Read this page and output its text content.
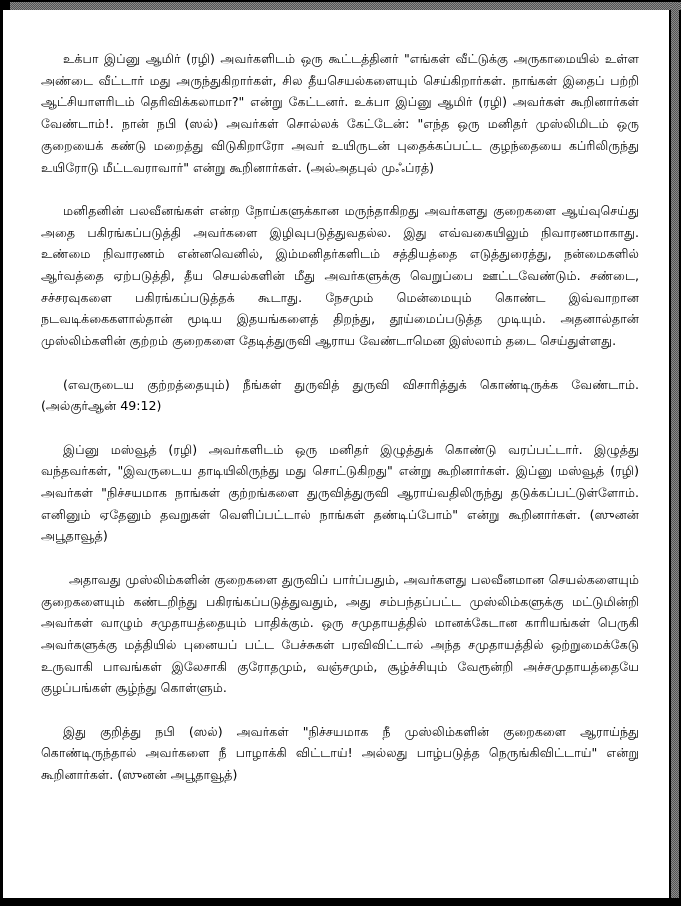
உக்பா இப்னு ஆமிர் (ரழி) அவர்களிடம் ஒரு கூட்டத்தினர் "எங்கள் வீட்டுக்கு அருகாமையில் உள்ள அண்டை வீட்டார் மது அருந்துகிறார்கள், சில தீயசெயல்களையும் செய்கிறார்கள். நாங்கள் இதைப் பற்றி ஆட்சியாளரிடம் தெரிவிக்கலாமா?" என்று கேட்டனர். உக்பா இப்னு ஆமிர் (ரழி) அவர்கள் கூறினார்கள் வேண்டாம்!. நான் நபி (ஸல்) அவர்கள் சொல்லக் கேட்டேன்: "எந்த ஒரு மனிதர் முஸ்லிமிடம் ஒரு குறையைக் கண்டு மறைத்து விடுகிறாரோ அவர் உயிருடன் புதைக்கப்பட்ட குழந்தையை கப்ரிலிருந்து உயிரோடு மீட்டவராவார்" என்று கூறினார்கள். (அல்அதபுல் முஃப்ரத்)

மனிதனின் பலவீனங்கள் என்ற நோய்களுக்கான மருந்தாகிறது அவர்களது குறைகளை ஆய்வுசெய்து அதை பகிரங்கப்படுத்தி அவர்களை இழிவுபடுத்துவதல்ல. இது எவ்வகையிலும் நிவாரணமாகாது. உண்மை நிவாரணம் என்னவெனில், இம்மனிதர்களிடம் சத்தியத்தை எடுத்துரைத்து, நன்மைகளில் ஆர்வத்தை ஏற்படுத்தி, தீய செயல்களின் மீது அவர்களுக்கு வெறுப்பை ஊட்டவேண்டும். சண்டை, சச்சரவுகளை பகிரங்கப்படுத்தக் கூடாது. நேசமும் மென்மையும் கொண்ட இவ்வாறான நடவடிக்கைகளால்தான் மூடிய இதயங்களைத் திறந்து, தூய்மைப்படுத்த முடியும். அதனால்தான் முஸ்லிம்களின் குற்றம் குறைகளை தேடித்துருவி ஆராய வேண்டாமென இஸ்லாம் தடை செய்துள்ளது.

(எவருடைய குற்றத்தையும்) நீங்கள் துருவித் துருவி விசாரித்துக் கொண்டிருக்க வேண்டாம். (அல்குர்ஆன் 49:12)

இப்னு மஸ்வூத் (ரழி) அவர்களிடம் ஒரு மனிதர் இழுத்துக் கொண்டு வரப்பட்டார். இழுத்து வந்தவர்கள், "இவருடைய தாடியிலிருந்து மது சொட்டுகிறது" என்று கூறினார்கள். இப்னு மஸ்வூத் (ரழி) அவர்கள் "நிச்சயமாக நாங்கள் குற்றங்களை துருவித்துருவி ஆராய்வதிலிருந்து தடுக்கப்பட்டுள்ளோம். எனினும் ஏதேனும் தவறுகள் வெளிப்பட்டால் நாங்கள் தண்டிப்போம்" என்று கூறினார்கள். (ஸுனன் அபூதாவூத்)

அதாவது முஸ்லிம்களின் குறைகளை துருவிப் பார்ப்பதும், அவர்களது பலவீனமான செயல்களையும் குறைகளையும் கண்டறிந்து பகிரங்கப்படுத்துவதும், அது சம்பந்தப்பட்ட முஸ்லிம்களுக்கு மட்டுமின்றி அவர்கள் வாழும் சமுதாயத்தையும் பாதிக்கும். ஒரு சமுதாயத்தில் மானக்கேடான காரியங்கள் பெருகி அவர்களுக்கு மத்தியில் புனையப் பட்ட பேச்சுகள் பரவிவிட்டால் அந்த சமுதாயத்தில் ஒற்றுமைக்கேடு உருவாகி பாவங்கள் இலேசாகி குரோதமும், வஞ்சமும், சூழ்ச்சியும் வேரூன்றி அச்சமுதாயத்தையே குழப்பங்கள் சூழ்ந்து கொள்ளும்.

இது குறித்து நபி (ஸல்) அவர்கள் "நிச்சயமாக நீ முஸ்லிம்களின் குறைகளை ஆராய்ந்து கொண்டிருந்தால் அவர்களை நீ பாழாக்கி விட்டாய்! அல்லது பாழ்படுத்த நெருங்கிவிட்டாய்" என்று கூறினார்கள். (ஸுனன் அபூதாவூத்)
